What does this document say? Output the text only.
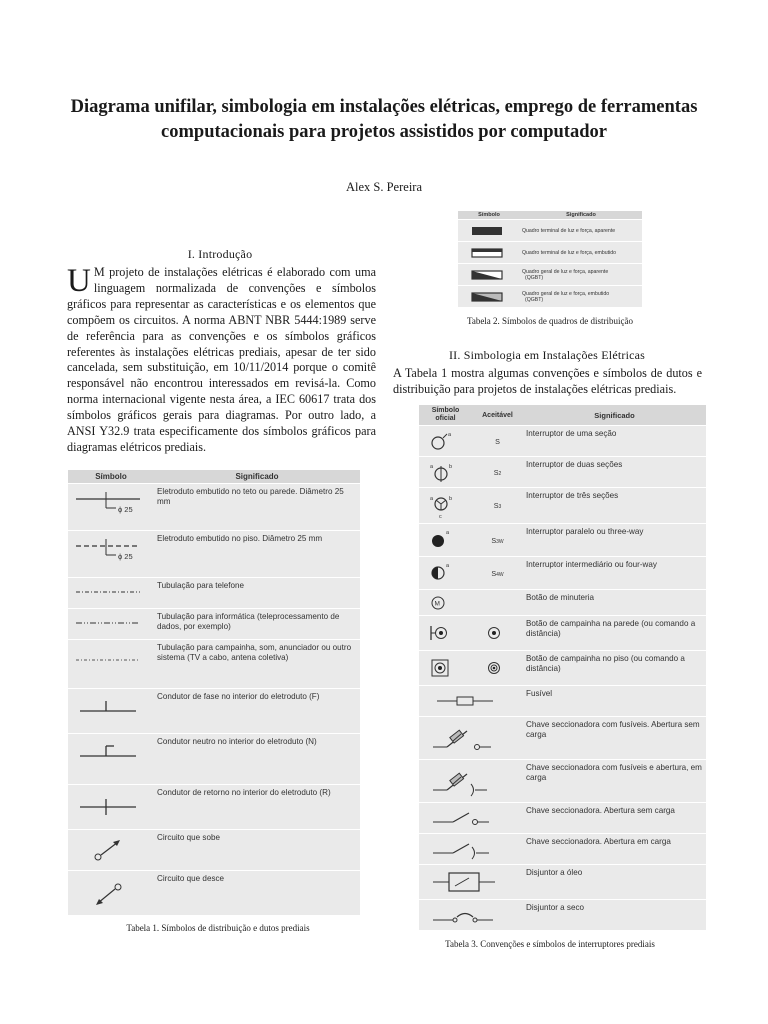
Diagrama unifilar, simbologia em instalações elétricas, emprego de ferramentas computacionais para projetos assistidos por computador
Alex S. Pereira
I. Introdução
U M projeto de instalações elétricas é elaborado com uma linguagem normalizada de convenções e símbolos gráficos para representar as características e os elementos que compõem os circuitos. A norma ABNT NBR 5444:1989 serve de referência para as convenções e os símbolos gráficos referentes às instalações elétricas prediais, apesar de ter sido cancelada, sem substituição, em 10/11/2014 porque o comitê responsável não encontrou interessados em revisá-la. Como norma internacional vigente nesta área, a IEC 60617 trata dos símbolos gráficos gerais para diagramas. Por outro lado, a ANSI Y32.9 trata especificamente dos símbolos gráficos para diagramas elétricos prediais.
Símbolo	Significado

ϕ 25	Eletroduto embutido no teto ou parede. Diâmetro 25 mm

ϕ 25	Eletroduto embutido no piso. Diâmetro 25 mm

	Tubulação para telefone

	Tubulação para informática (teleprocessamento de dados, por exemplo)

	Tubulação para campainha, som, anunciador ou outro sistema (TV a cabo, antena coletiva)

	Condutor de fase no interior do eletroduto (F)

	Condutor neutro no interior do eletroduto (N)

	Condutor de retorno no interior do eletroduto (R)

	Circuito que sobe

	Circuito que desce
Tabela 1. Símbolos de distribuição e dutos prediais
Símbolo	Significado

	Quadro terminal de luz e força, aparente

	Quadro terminal de luz e força, embutido

	Quadro geral de luz e força, aparente
(QGBT)

	Quadro geral de luz e força, embutido
(QGBT)
Tabela 2. Símbolos de quadros de distribuição
II. Simbologia em Instalações Elétricas
A Tabela 1 mostra algumas convenções e símbolos de dutos e distribuição para projetos de instalações elétricas prediais.
Símbolo oficial	Aceitável	Significado

a	S	Interruptor de uma seção

a b	S2	Interruptor de duas seções

a b
c	S3	Interruptor de três seções

a	S3W	Interruptor paralelo ou three-way

a	S4W	Interruptor intermediário ou four-way

M		Botão de minuteria

	Botão de campainha na parede (ou comando a distância)

	Botão de campainha no piso (ou comando a distância)

	Fusível

	Chave seccionadora com fusíveis. Abertura sem carga

	Chave seccionadora com fusíveis e abertura, em carga

	Chave seccionadora. Abertura sem carga

	Chave seccionadora. Abertura em carga

	Disjuntor a óleo

	Disjuntor a seco
Tabela 3. Convenções e símbolos de interruptores prediais
